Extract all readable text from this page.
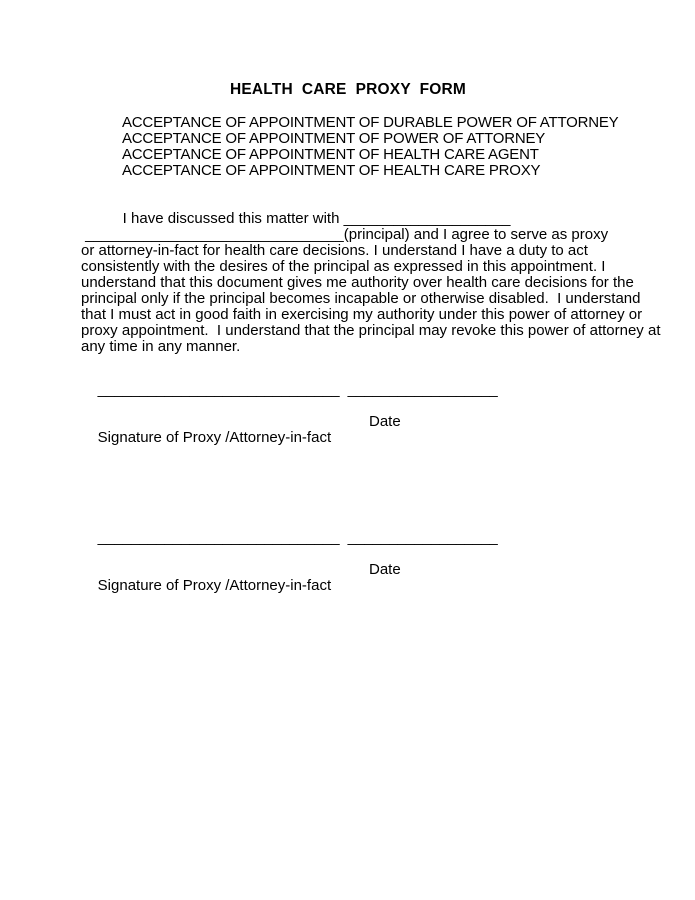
HEALTH CARE PROXY FORM
ACCEPTANCE OF APPOINTMENT OF DURABLE POWER OF ATTORNEY
ACCEPTANCE OF APPOINTMENT OF POWER OF ATTORNEY
ACCEPTANCE OF APPOINTMENT OF HEALTH CARE AGENT
ACCEPTANCE OF APPOINTMENT OF HEALTH CARE PROXY
I have discussed this matter with ____________________
_______________________________(principal) and I agree to serve as proxy
or attorney-in-fact for health care decisions. I understand I have a duty to act
consistently with the desires of the principal as expressed in this appointment. I
understand that this document gives me authority over health care decisions for the
principal only if the principal becomes incapable or otherwise disabled.  I understand
that I must act in good faith in exercising my authority under this power of attorney or
proxy appointment.  I understand that the principal may revoke this power of attorney at
any time in any manner.

_____________________________ __________________

Signature of Proxy /Attorney-in-fact

Date

_____________________________ __________________

Signature of Proxy /Attorney-in-fact

Date
